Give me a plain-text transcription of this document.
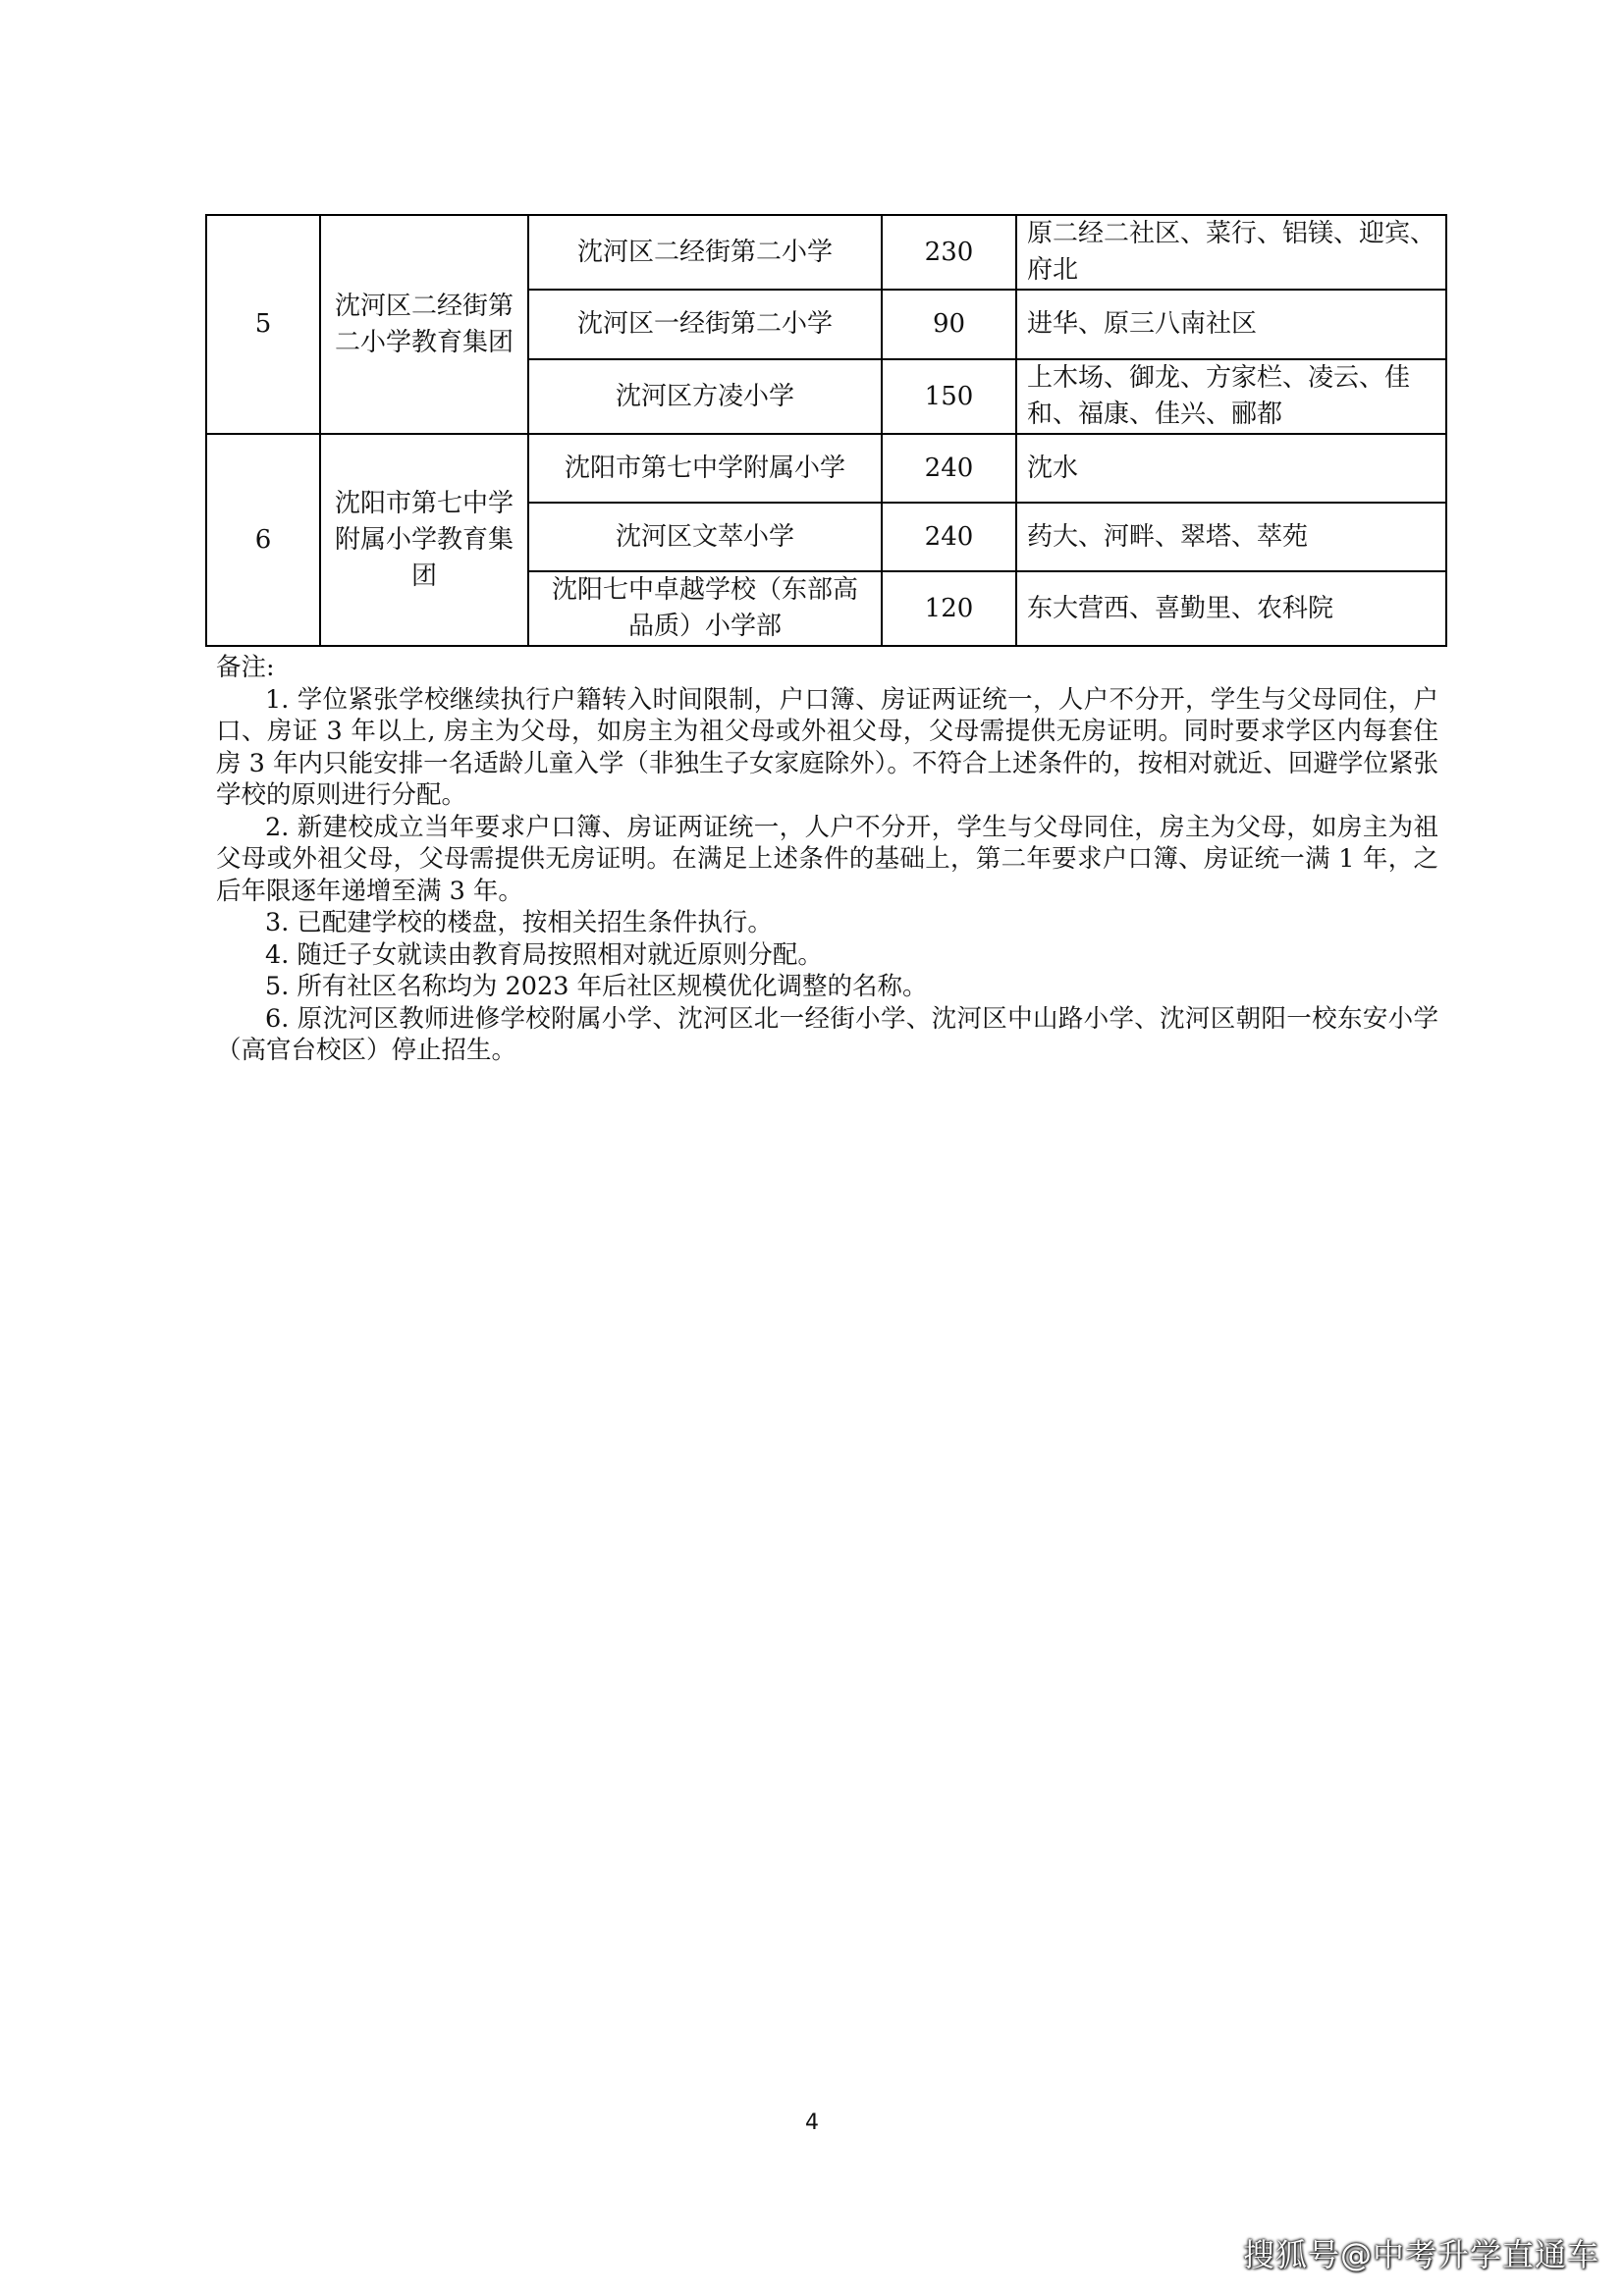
5	沈河区二经街第二小学教育集团	沈河区二经街第二小学	230	原二经二社区、菜行、铝镁、迎宾、府北
		沈河区一经街第二小学	90	进华、原三八南社区
		沈河区方凌小学	150	上木场、御龙、方家栏、凌云、佳和、福康、佳兴、郦都
6	沈阳市第七中学附属小学教育集团	沈阳市第七中学附属小学	240	沈水
		沈河区文萃小学	240	药大、河畔、翠塔、萃苑
		沈阳七中卓越学校（东部高品质）小学部	120	东大营西、喜勤里、农科院

备注:

1. 学位紧张学校继续执行户籍转入时间限制，户口簿、房证两证统一，人户不分开，学生与父母同住，户口、房证 3 年以上, 房主为父母，如房主为祖父母或外祖父母，父母需提供无房证明。同时要求学区内每套住房 3 年内只能安排一名适龄儿童入学（非独生子女家庭除外）。不符合上述条件的，按相对就近、回避学位紧张学校的原则进行分配。

2. 新建校成立当年要求户口簿、房证两证统一，人户不分开，学生与父母同住，房主为父母，如房主为祖父母或外祖父母，父母需提供无房证明。在满足上述条件的基础上，第二年要求户口簿、房证统一满 1 年，之后年限逐年递增至满 3 年。

3. 已配建学校的楼盘，按相关招生条件执行。

4. 随迁子女就读由教育局按照相对就近原则分配。

5. 所有社区名称均为 2023 年后社区规模优化调整的名称。

6. 原沈河区教师进修学校附属小学、沈河区北一经街小学、沈河区中山路小学、沈河区朝阳一校东安小学（高官台校区）停止招生。

4
搜狐号@中考升学直通车
